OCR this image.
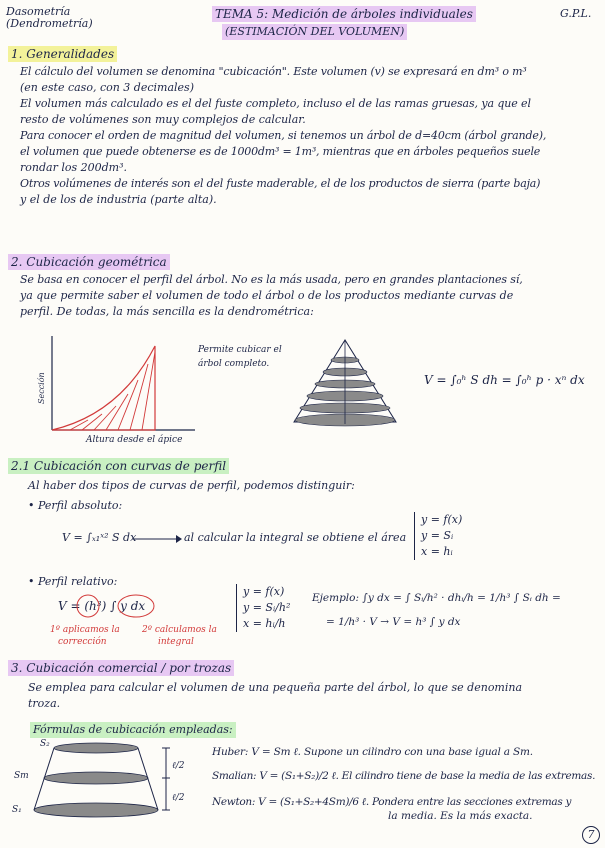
Dasometría
(Dendrometría)
TEMA 5: Medición de árboles individuales
(ESTIMACIÓN DEL VOLUMEN)
G.P.L.
1. Generalidades
El cálculo del volumen se denomina "cubicación". Este volumen (v) se expresará en dm³ o m³
(en este caso, con 3 decimales)
El volumen más calculado es el del fuste completo, incluso el de las ramas gruesas, ya que el
resto de volúmenes son muy complejos de calcular.
Para conocer el orden de magnitud del volumen, si tenemos un árbol de d=40cm (árbol grande),
el volumen que puede obtenerse es de 1000dm³ = 1m³, mientras que en árboles pequeños suele
rondar los 200dm³.
Otros volúmenes de interés son el del fuste maderable, el de los productos de sierra (parte baja)
y el de los de industria (parte alta).
2. Cubicación geométrica
Se basa en conocer el perfil del árbol. No es la más usada, pero en grandes plantaciones sí,
ya que permite saber el volumen de todo el árbol o de los productos mediante curvas de
perfil. De todas, la más sencilla es la dendrométrica:
Sección
Altura desde el ápice
Permite cubicar el
árbol completo.
V = ∫₀ʰ S dh = ∫₀ʰ p · xⁿ dx
2.1 Cubicación con curvas de perfil
Al haber dos tipos de curvas de perfil, podemos distinguir:
• Perfil absoluto:
V = ∫ₓ₁ˣ² S dx	al calcular la integral se obtiene el área
y = f(x)
y = Sᵢ
x = hᵢ
• Perfil relativo:
V = (h³) ∫ y dx
1º aplicamos la
corrección
2º calculamos la
integral
y = f(x)
y = Sᵢ/h²
x = hᵢ/h
Ejemplo: ∫y dx = ∫ Sᵢ/h² · dhᵢ/h = 1/h³ ∫ Sᵢ dh =
= 1/h³ · V → V = h³ ∫ y dx
3. Cubicación comercial / por trozas
Se emplea para calcular el volumen de una pequeña parte del árbol, lo que se denomina
troza.
Fórmulas de cubicación empleadas:
S₂
Sm
S₁
ℓ/2
ℓ/2
Huber: V = Sm ℓ. Supone un cilindro con una base igual a Sm.
Smalian: V = (S₁+S₂)/2 ℓ. El cilindro tiene de base la media de las extremas.
Newton: V = (S₁+S₂+4Sm)/6 ℓ. Pondera entre las secciones extremas y
la media. Es la más exacta.
7
